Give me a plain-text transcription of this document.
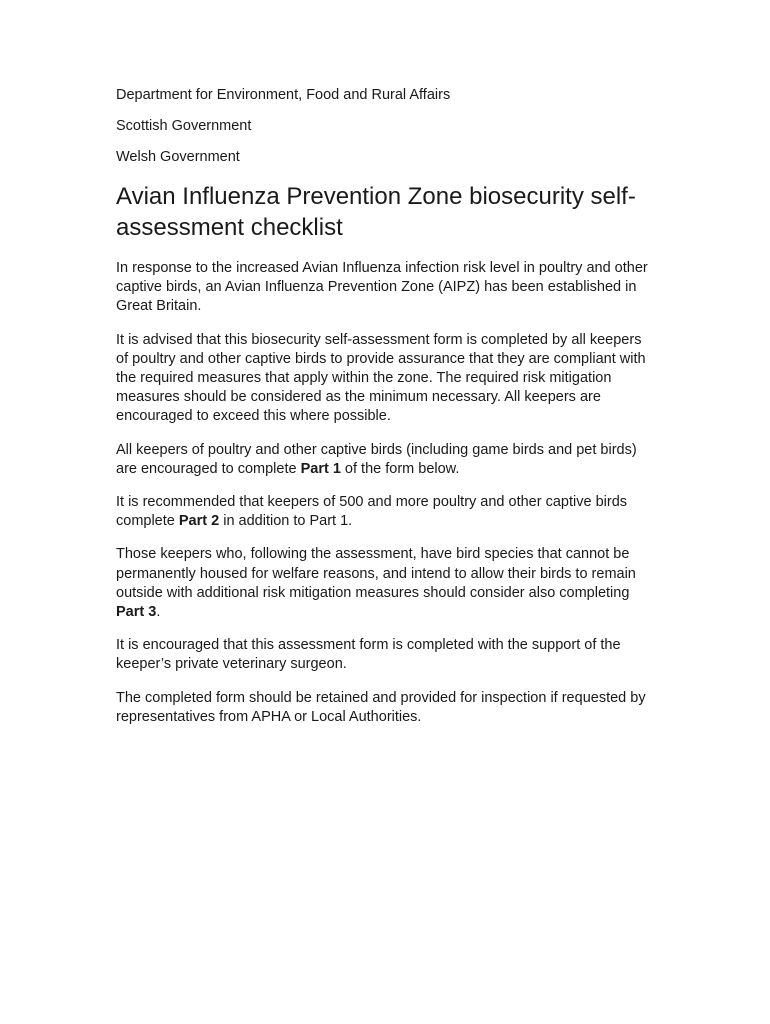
Department for Environment, Food and Rural Affairs

Scottish Government

Welsh Government

Avian Influenza Prevention Zone biosecurity self-assessment checklist

In response to the increased Avian Influenza infection risk level in poultry and other captive birds, an Avian Influenza Prevention Zone (AIPZ) has been established in Great Britain.

It is advised that this biosecurity self-assessment form is completed by all keepers of poultry and other captive birds to provide assurance that they are compliant with the required measures that apply within the zone. The required risk mitigation measures should be considered as the minimum necessary. All keepers are encouraged to exceed this where possible.

All keepers of poultry and other captive birds (including game birds and pet birds) are encouraged to complete Part 1 of the form below.

It is recommended that keepers of 500 and more poultry and other captive birds complete Part 2 in addition to Part 1.

Those keepers who, following the assessment, have bird species that cannot be permanently housed for welfare reasons, and intend to allow their birds to remain outside with additional risk mitigation measures should consider also completing Part 3.

It is encouraged that this assessment form is completed with the support of the keeper’s private veterinary surgeon.

The completed form should be retained and provided for inspection if requested by representatives from APHA or Local Authorities.
